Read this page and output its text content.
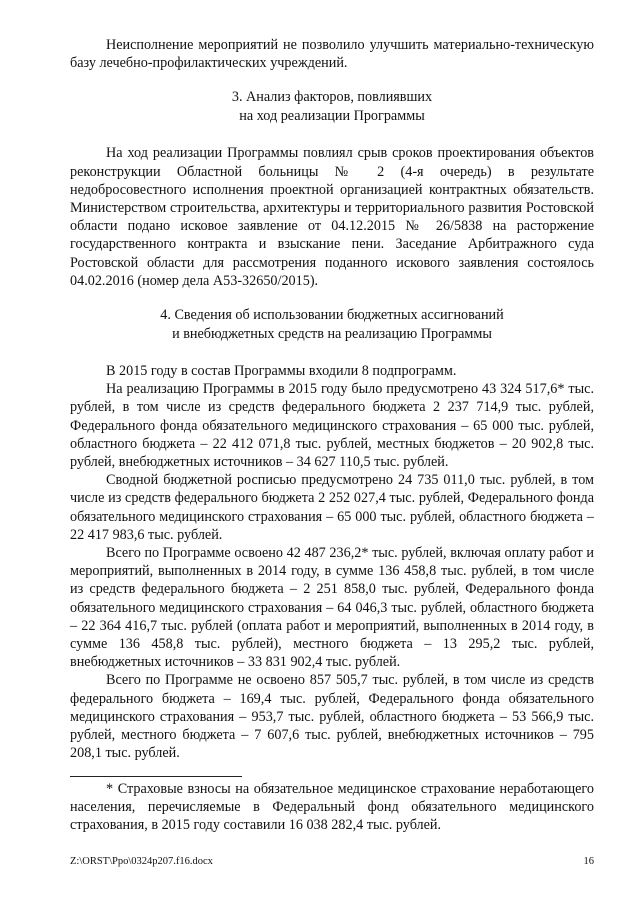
Неисполнение мероприятий не позволило улучшить материально-техническую базу лечебно-профилактических учреждений.

3. Анализ факторов, повлиявших
на ход реализации Программы

На ход реализации Программы повлиял срыв сроков проектирования объектов реконструкции Областной больницы № 2 (4-я очередь) в результате недобросовестного исполнения проектной организацией контрактных обязательств. Министерством строительства, архитектуры и территориального развития Ростовской области подано исковое заявление от 04.12.2015 № 26/5838 на расторжение государственного контракта и взыскание пени. Заседание Арбитражного суда Ростовской области для рассмотрения поданного искового заявления состоялось 04.02.2016 (номер дела А53-32650/2015).

4. Сведения об использовании бюджетных ассигнований
и внебюджетных средств на реализацию Программы

В 2015 году в состав Программы входили 8 подпрограмм.

На реализацию Программы в 2015 году было предусмотрено 43 324 517,6* тыс. рублей, в том числе из средств федерального бюджета 2 237 714,9 тыс. рублей, Федерального фонда обязательного медицинского страхования – 65 000 тыс. рублей, областного бюджета – 22 412 071,8 тыс. рублей, местных бюджетов – 20 902,8 тыс. рублей, внебюджетных источников – 34 627 110,5 тыс. рублей.

Сводной бюджетной росписью предусмотрено 24 735 011,0 тыс. рублей, в том числе из средств федерального бюджета 2 252 027,4 тыс. рублей, Федерального фонда обязательного медицинского страхования – 65 000 тыс. рублей, областного бюджета – 22 417 983,6 тыс. рублей.

Всего по Программе освоено 42 487 236,2* тыс. рублей, включая оплату работ и мероприятий, выполненных в 2014 году, в сумме 136 458,8 тыс. рублей, в том числе из средств федерального бюджета – 2 251 858,0 тыс. рублей, Федерального фонда обязательного медицинского страхования – 64 046,3 тыс. рублей, областного бюджета – 22 364 416,7 тыс. рублей (оплата работ и мероприятий, выполненных в 2014 году, в сумме 136 458,8 тыс. рублей), местного бюджета – 13 295,2 тыс. рублей, внебюджетных источников – 33 831 902,4 тыс. рублей.

Всего по Программе не освоено 857 505,7 тыс. рублей, в том числе из средств федерального бюджета – 169,4 тыс. рублей, Федерального фонда обязательного медицинского страхования – 953,7 тыс. рублей, областного бюджета – 53 566,9 тыс. рублей, местного бюджета – 7 607,6 тыс. рублей, внебюджетных источников – 795 208,1 тыс. рублей.

* Страховые взносы на обязательное медицинское страхование неработающего населения, перечисляемые в Федеральный фонд обязательного медицинского страхования, в 2015 году составили 16 038 282,4 тыс. рублей.

Z:\ORST\Ppo\0324p207.f16.docx	16
